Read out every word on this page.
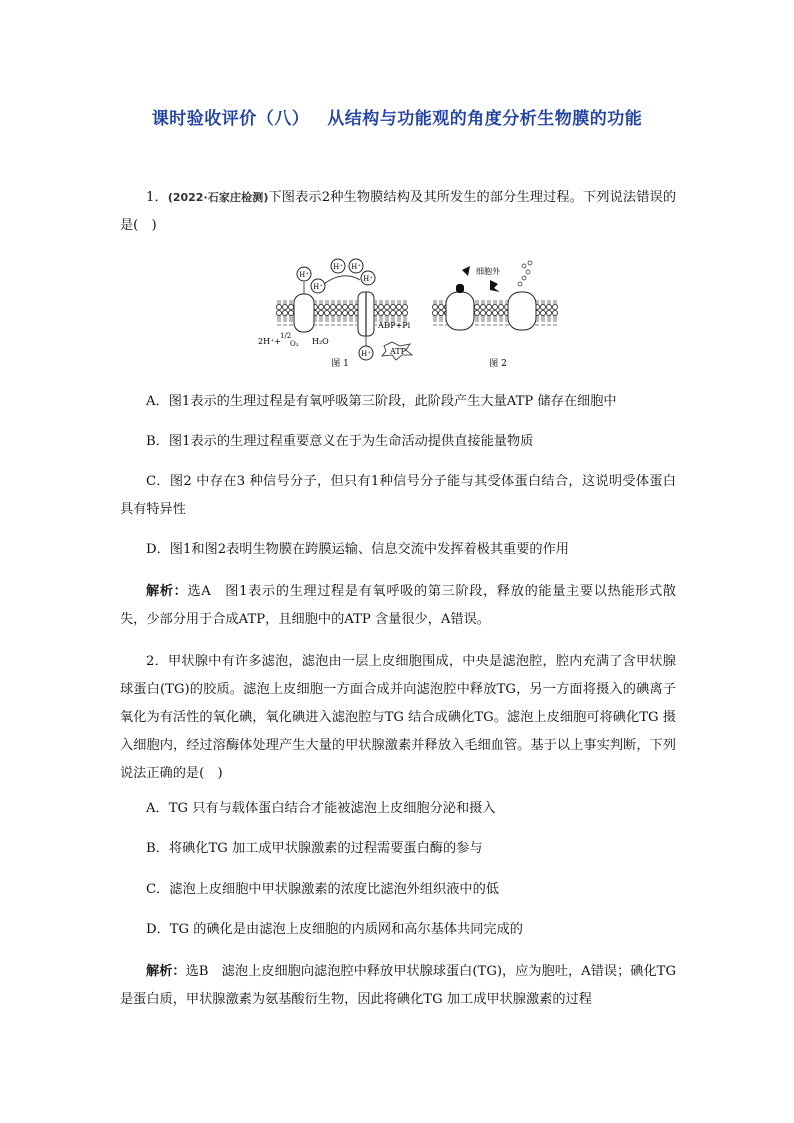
课时验收评价（八） 从结构与功能观的角度分析生物膜的功能
1．(2022·石家庄检测)下图表示2种生物膜结构及其所发生的部分生理过程。下列说法错误的是(　)
H⁺
H⁺
H⁺ H⁺
H⁺
H⁺
2H⁺+
1/2
O₂ H₂O
ADP+Pi
ATP
图 1
细胞外
图 2
A．图1表示的生理过程是有氧呼吸第三阶段，此阶段产生大量ATP 储存在细胞中
B．图1表示的生理过程重要意义在于为生命活动提供直接能量物质
C．图2 中存在3 种信号分子，但只有1种信号分子能与其受体蛋白结合，这说明受体蛋白具有特异性
D．图1和图2表明生物膜在跨膜运输、信息交流中发挥着极其重要的作用
解析：选A　图1表示的生理过程是有氧呼吸的第三阶段，释放的能量主要以热能形式散失，少部分用于合成ATP，且细胞中的ATP 含量很少，A错误。
2．甲状腺中有许多滤泡，滤泡由一层上皮细胞围成，中央是滤泡腔，腔内充满了含甲状腺球蛋白(TG)的胶质。滤泡上皮细胞一方面合成并向滤泡腔中释放TG，另一方面将摄入的碘离子氧化为有活性的氧化碘，氧化碘进入滤泡腔与TG 结合成碘化TG。滤泡上皮细胞可将碘化TG 摄入细胞内，经过溶酶体处理产生大量的甲状腺激素并释放入毛细血管。基于以上事实判断，下列说法正确的是(　)
A．TG 只有与载体蛋白结合才能被滤泡上皮细胞分泌和摄入
B．将碘化TG 加工成甲状腺激素的过程需要蛋白酶的参与
C．滤泡上皮细胞中甲状腺激素的浓度比滤泡外组织液中的低
D．TG 的碘化是由滤泡上皮细胞的内质网和高尔基体共同完成的
解析：选B　滤泡上皮细胞向滤泡腔中释放甲状腺球蛋白(TG)，应为胞吐，A错误；碘化TG 是蛋白质，甲状腺激素为氨基酸衍生物，因此将碘化TG 加工成甲状腺激素的过程
